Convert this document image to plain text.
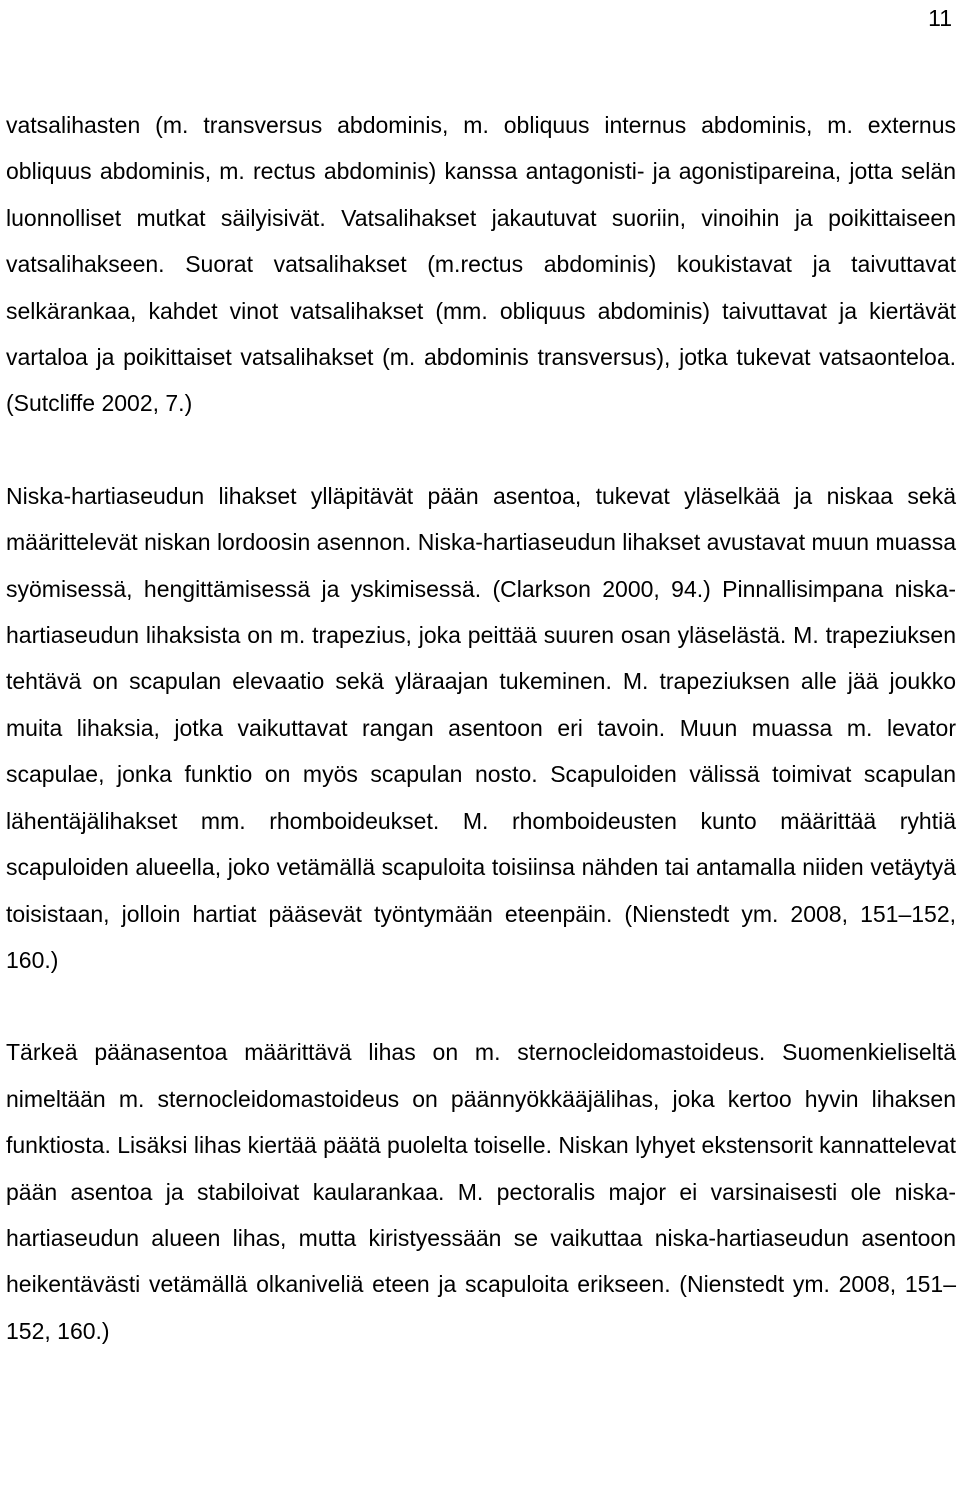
11

vatsalihasten (m. transversus abdominis, m. obliquus internus abdominis, m. externus obliquus abdominis, m. rectus abdominis) kanssa antagonisti- ja agonistipareina, jotta selän luonnolliset mutkat säilyisivät. Vatsalihakset jakautuvat suoriin, vinoihin ja poikittaiseen vatsalihakseen. Suorat vatsalihakset (m.rectus abdominis) koukistavat ja taivuttavat selkärankaa, kahdet vinot vatsalihakset (mm. obliquus abdominis) taivuttavat ja kiertävät vartaloa ja poikittaiset vatsalihakset (m. abdominis transversus), jotka tukevat vatsaonteloa. (Sutcliffe 2002, 7.)

Niska-hartiaseudun lihakset ylläpitävät pään asentoa, tukevat yläselkää ja niskaa sekä määrittelevät niskan lordoosin asennon. Niska-hartiaseudun lihakset avustavat muun muassa syömisessä, hengittämisessä ja yskimisessä. (Clarkson 2000, 94.) Pinnallisimpana niska-hartiaseudun lihaksista on m. trapezius, joka peittää suuren osan yläselästä. M. trapeziuksen tehtävä on scapulan elevaatio sekä yläraajan tukeminen. M. trapeziuksen alle jää joukko muita lihaksia, jotka vaikuttavat rangan asentoon eri tavoin. Muun muassa m. levator scapulae, jonka funktio on myös scapulan nosto. Scapuloiden välissä toimivat scapulan lähentäjälihakset mm. rhomboideukset. M. rhomboideusten kunto määrittää ryhtiä scapuloiden alueella, joko vetämällä scapuloita toisiinsa nähden tai antamalla niiden vetäytyä toisistaan, jolloin hartiat pääsevät työntymään eteenpäin. (Nienstedt ym. 2008, 151–152, 160.)

Tärkeä päänasentoa määrittävä lihas on m. sternocleidomastoideus. Suomenkieliseltä nimeltään m. sternocleidomastoideus on päännyökkääjälihas, joka kertoo hyvin lihaksen funktiosta. Lisäksi lihas kiertää päätä puolelta toiselle. Niskan lyhyet ekstensorit kannattelevat pään asentoa ja stabiloivat kaularankaa. M. pectoralis major ei varsinaisesti ole niska-hartiaseudun alueen lihas, mutta kiristyessään se vaikuttaa niska-hartiaseudun asentoon heikentävästi vetämällä olkaniveliä eteen ja scapuloita erikseen. (Nienstedt ym. 2008, 151–152, 160.)
